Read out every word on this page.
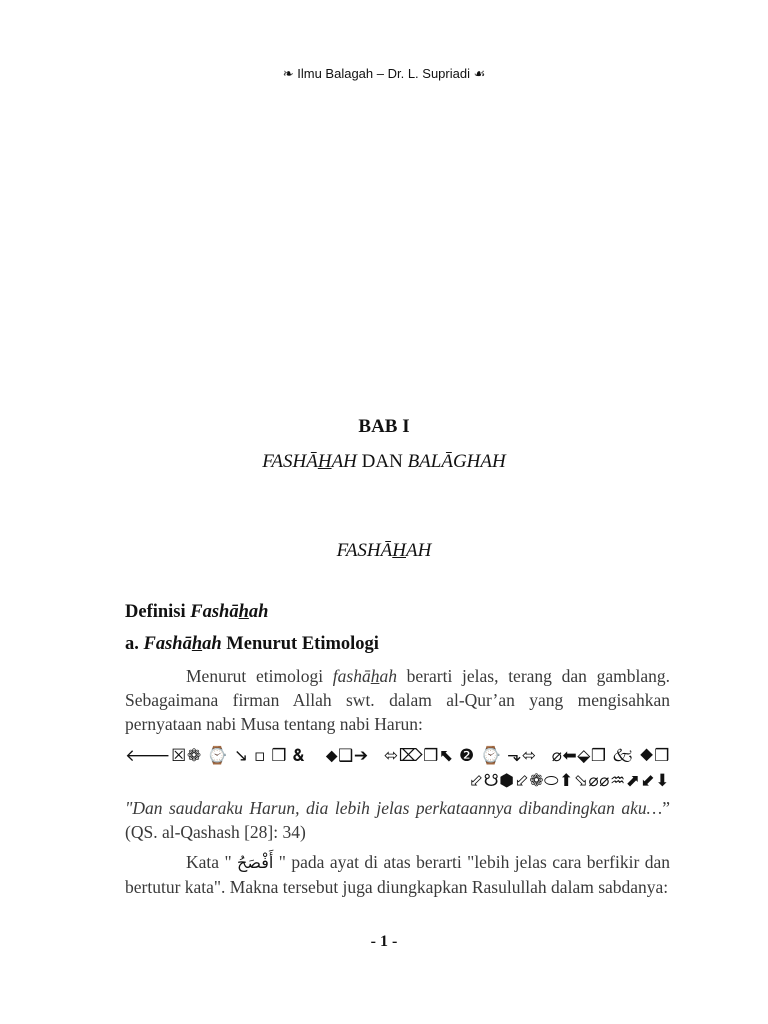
❧ Ilmu Balagah – Dr. L. Supriadi ☙
BAB I
FASHĀHAH DAN BALĀGHAH
FASHĀHAH
Definisi Fashāhah
a. Fashāhah Menurut Etimologi

Menurut etimologi fashāhah berarti jelas, terang dan gamblang. Sebagaimana firman Allah swt. dalam al-Qur’an yang mengisahkan pernyataan nabi Musa tentang nabi Harun:

🡐☒❁⌚↘▫❒🙴 ⬥❑➔ ⬄⌦❒⬉❷⌚⬎⬄ ⌀⬅⬙❒🙵⬥❒
⬃☋⬢⬃❁⬭⬆⬂⌀⌀♒⬈⬋⬇

"Dan saudaraku Harun, dia lebih jelas perkataannya dibandingkan aku…” (QS. al-Qashash [28]: 34)

Kata " أَفْصَحُ " pada ayat di atas berarti "lebih jelas cara berfikir dan bertutur kata". Makna tersebut juga diungkapkan Rasulullah dalam sabdanya:

- 1 -
